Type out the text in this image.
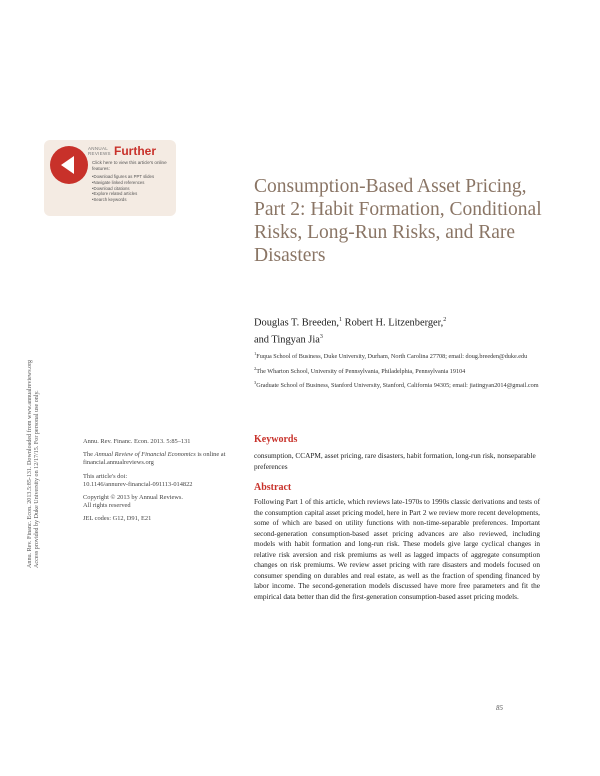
ANNUAL REVIEWS Further
Click here to view this article's online features:
• Download figures as PPT slides
• Navigate linked references
• Download citations
• Explore related articles
• Search keywords
Annu. Rev. Financ. Econ. 2013.5:85-131. Downloaded from www.annualreviews.org Access provided by Duke University on 12/17/15. For personal use only.
Consumption-Based Asset Pricing, Part 2: Habit Formation, Conditional Risks, Long-Run Risks, and Rare Disasters
Douglas T. Breeden,$^1$ Robert H. Litzenberger,$^2$
and Tingyan Jia$^3$
$^1$Fuqua School of Business, Duke University, Durham, North Carolina 27708; email: doug.breeden@duke.edu
$^2$The Wharton School, University of Pennsylvania, Philadelphia, Pennsylvania 19104
$^3$Graduate School of Business, Stanford University, Stanford, California 94305; email: jiatingyan2014@gmail.com
Annu. Rev. Financ. Econ. 2013. 5:85–131
The Annual Review of Financial Economics is online at financial.annualreviews.org
This article's doi:
10.1146/annurev-financial-091113-014822
Copyright © 2013 by Annual Reviews.
All rights reserved
JEL codes: G12, D91, E21
Keywords
consumption, CCAPM, asset pricing, rare disasters, habit formation, long-run risk, nonseparable preferences
Abstract
Following Part 1 of this article, which reviews late-1970s to 1990s classic derivations and tests of the consumption capital asset pricing model, here in Part 2 we review more recent developments, some of which are based on utility functions with non-time-separable preferences. Important second-generation consumption-based asset pricing advances are also reviewed, including models with habit formation and long-run risk. These models give large cyclical changes in relative risk aversion and risk premiums as well as lagged impacts of aggregate consumption changes on risk premiums. We review asset pricing with rare disasters and models focused on consumer spending on durables and real estate, as well as the fraction of spending financed by labor income. The second-generation models discussed have more free parameters and fit the empirical data better than did the first-generation consumption-based asset pricing models.
85
